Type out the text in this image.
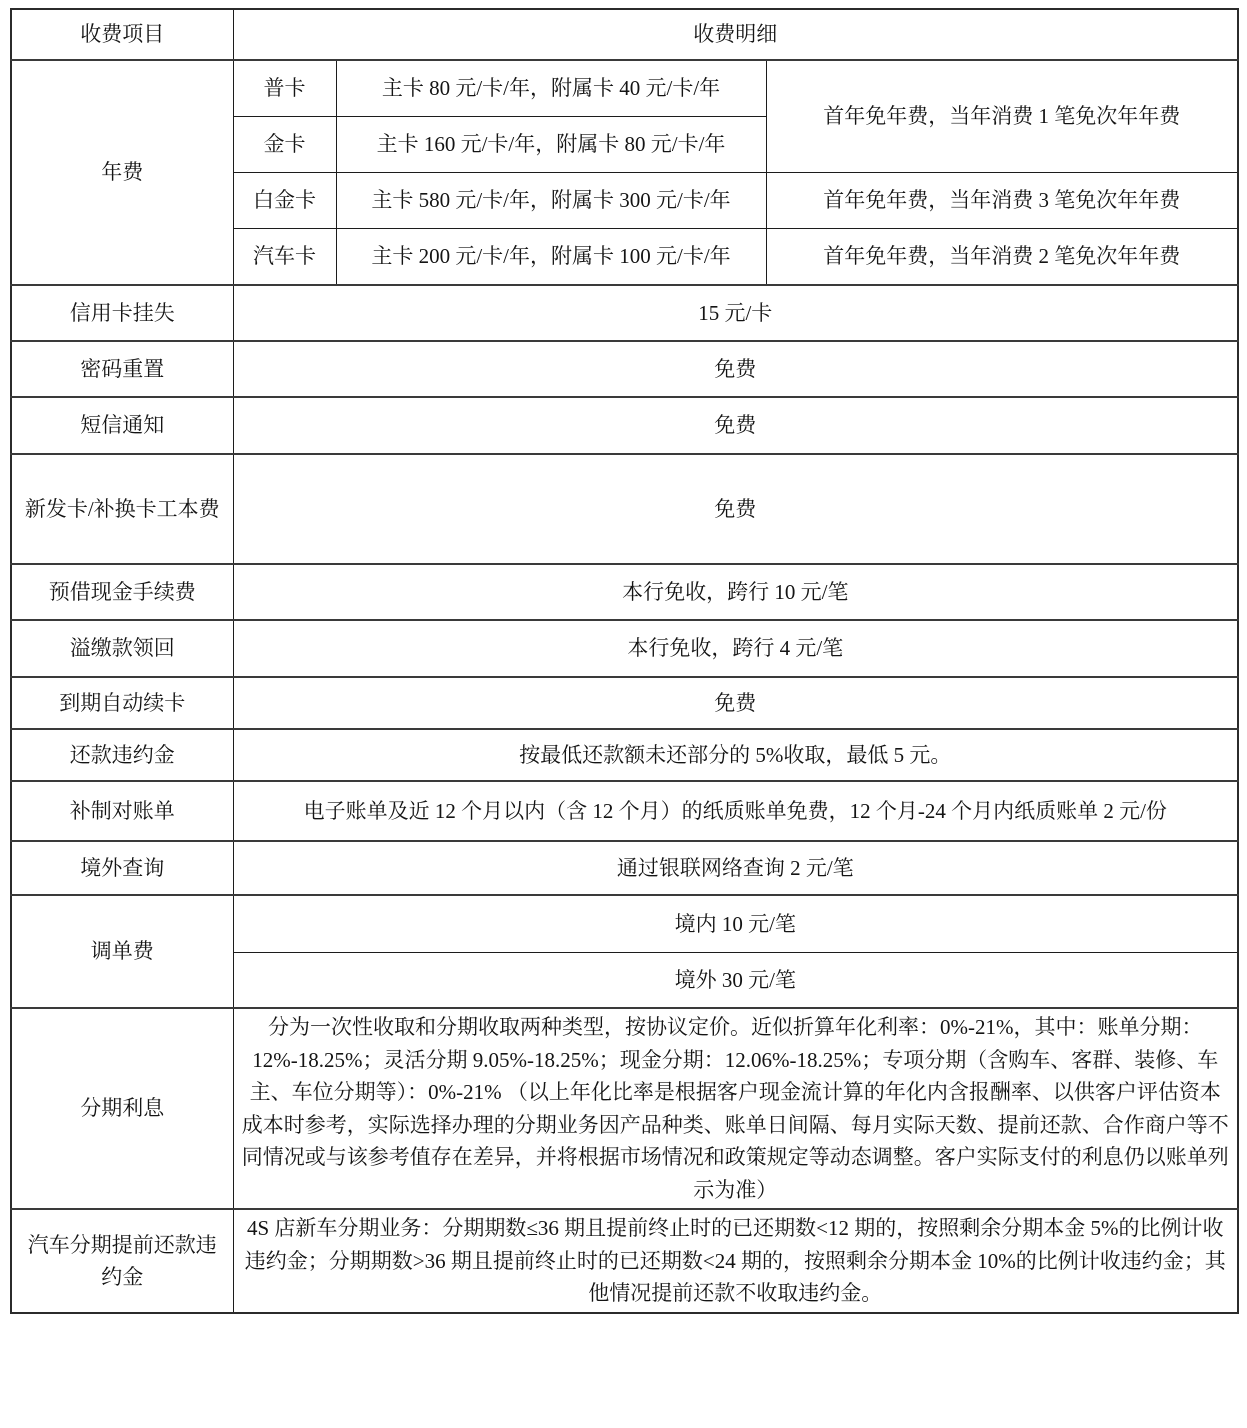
收费项目	收费明细		
年费	普卡	主卡 80 元/卡/年，附属卡 40 元/卡/年	首年免年费，当年消费 1 笔免次年年费
	金卡	主卡 160 元/卡/年，附属卡 80 元/卡/年	
	白金卡	主卡 580 元/卡/年，附属卡 300 元/卡/年	首年免年费，当年消费 3 笔免次年年费
	汽车卡	主卡 200 元/卡/年，附属卡 100 元/卡/年	首年免年费，当年消费 2 笔免次年年费
信用卡挂失	15 元/卡		
密码重置	免费		
短信通知	免费		
新发卡/补换卡工本费	免费		
预借现金手续费	本行免收，跨行 10 元/笔		
溢缴款领回	本行免收，跨行 4 元/笔		
到期自动续卡	免费		
还款违约金	按最低还款额未还部分的 5%收取，最低 5 元。		
补制对账单	电子账单及近 12 个月以内（含 12 个月）的纸质账单免费，12 个月-24 个月内纸质账单 2 元/份		
境外查询	通过银联网络查询 2 元/笔		
调单费	境内 10 元/笔		
	境外 30 元/笔		
分期利息	分为一次性收取和分期收取两种类型，按协议定价。近似折算年化利率：0%-21%，其中：账单分期：12%-18.25%；灵活分期 9.05%-18.25%；现金分期：12.06%-18.25%；专项分期（含购车、客群、装修、车主、车位分期等）：0%-21% （以上年化比率是根据客户现金流计算的年化内含报酬率、以供客户评估资本成本时参考，实际选择办理的分期业务因产品种类、账单日间隔、每月实际天数、提前还款、合作商户等不同情况或与该参考值存在差异，并将根据市场情况和政策规定等动态调整。客户实际支付的利息仍以账单列示为准）		
汽车分期提前还款违约金	4S 店新车分期业务：分期期数≤36 期且提前终止时的已还期数<12 期的，按照剩余分期本金 5%的比例计收违约金；分期期数>36 期且提前终止时的已还期数<24 期的，按照剩余分期本金 10%的比例计收违约金；其他情况提前还款不收取违约金。		
